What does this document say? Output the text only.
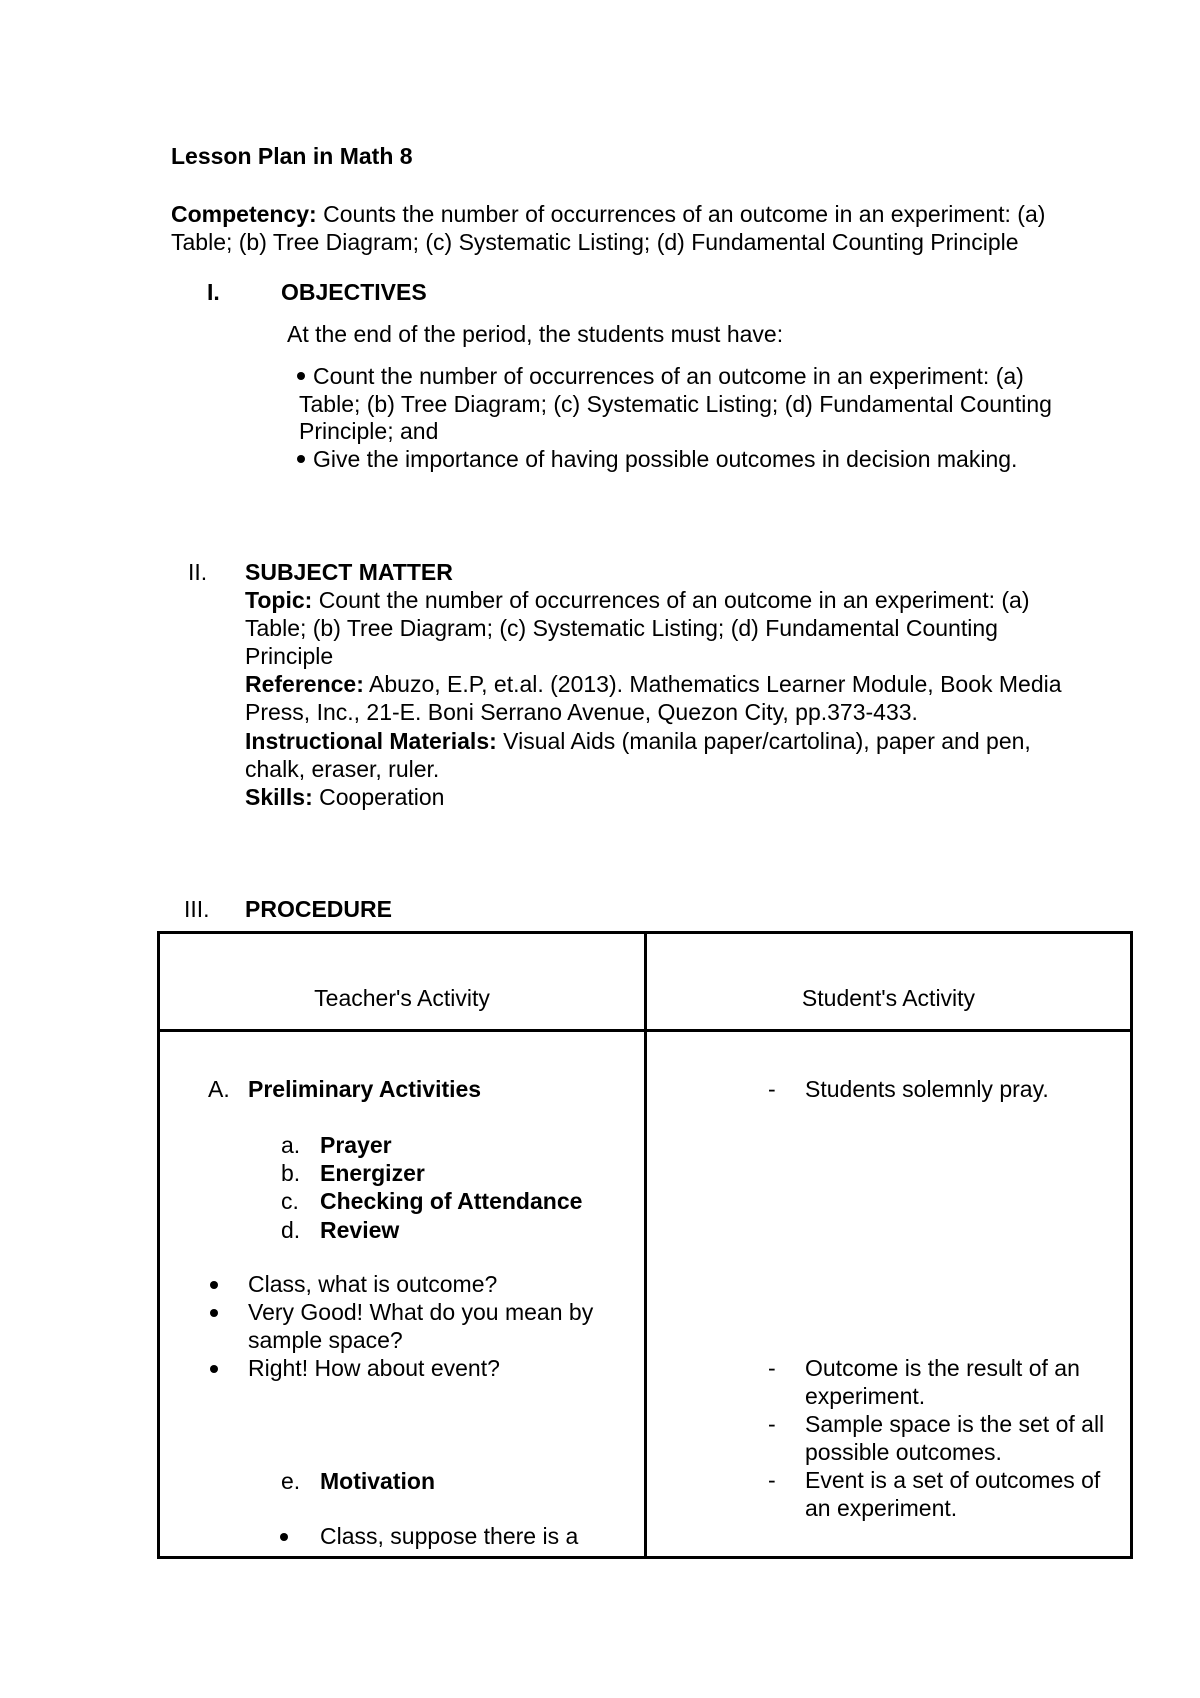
Lesson Plan in Math 8
Competency: Counts the number of occurrences of an outcome in an experiment: (a)
Table; (b) Tree Diagram; (c) Systematic Listing; (d) Fundamental Counting Principle
I.	OBJECTIVES
At the end of the period, the students must have:
Count the number of occurrences of an outcome in an experiment: (a)
Table; (b) Tree Diagram; (c) Systematic Listing; (d) Fundamental Counting
Principle; and
Give the importance of having possible outcomes in decision making.
II. SUBJECT MATTER
Topic: Count the number of occurrences of an outcome in an experiment: (a)
Table; (b) Tree Diagram; (c) Systematic Listing; (d) Fundamental Counting
Principle
Reference: Abuzo, E.P, et.al. (2013). Mathematics Learner Module, Book Media
Press, Inc., 21-E. Boni Serrano Avenue, Quezon City, pp.373-433.
Instructional Materials: Visual Aids (manila paper/cartolina), paper and pen,
chalk, eraser, ruler.
Skills: Cooperation
III. PROCEDURE
Teacher's Activity	Student's Activity
A. Preliminary Activities
a. Prayer
b. Energizer
c. Checking of Attendance
d. Review
Class, what is outcome?
Very Good! What do you mean by
sample space?
Right! How about event?
e. Motivation
Class, suppose there is a
- Students solemnly pray.
- Outcome is the result of an
experiment.
- Sample space is the set of all
possible outcomes.
- Event is a set of outcomes of
an experiment.
